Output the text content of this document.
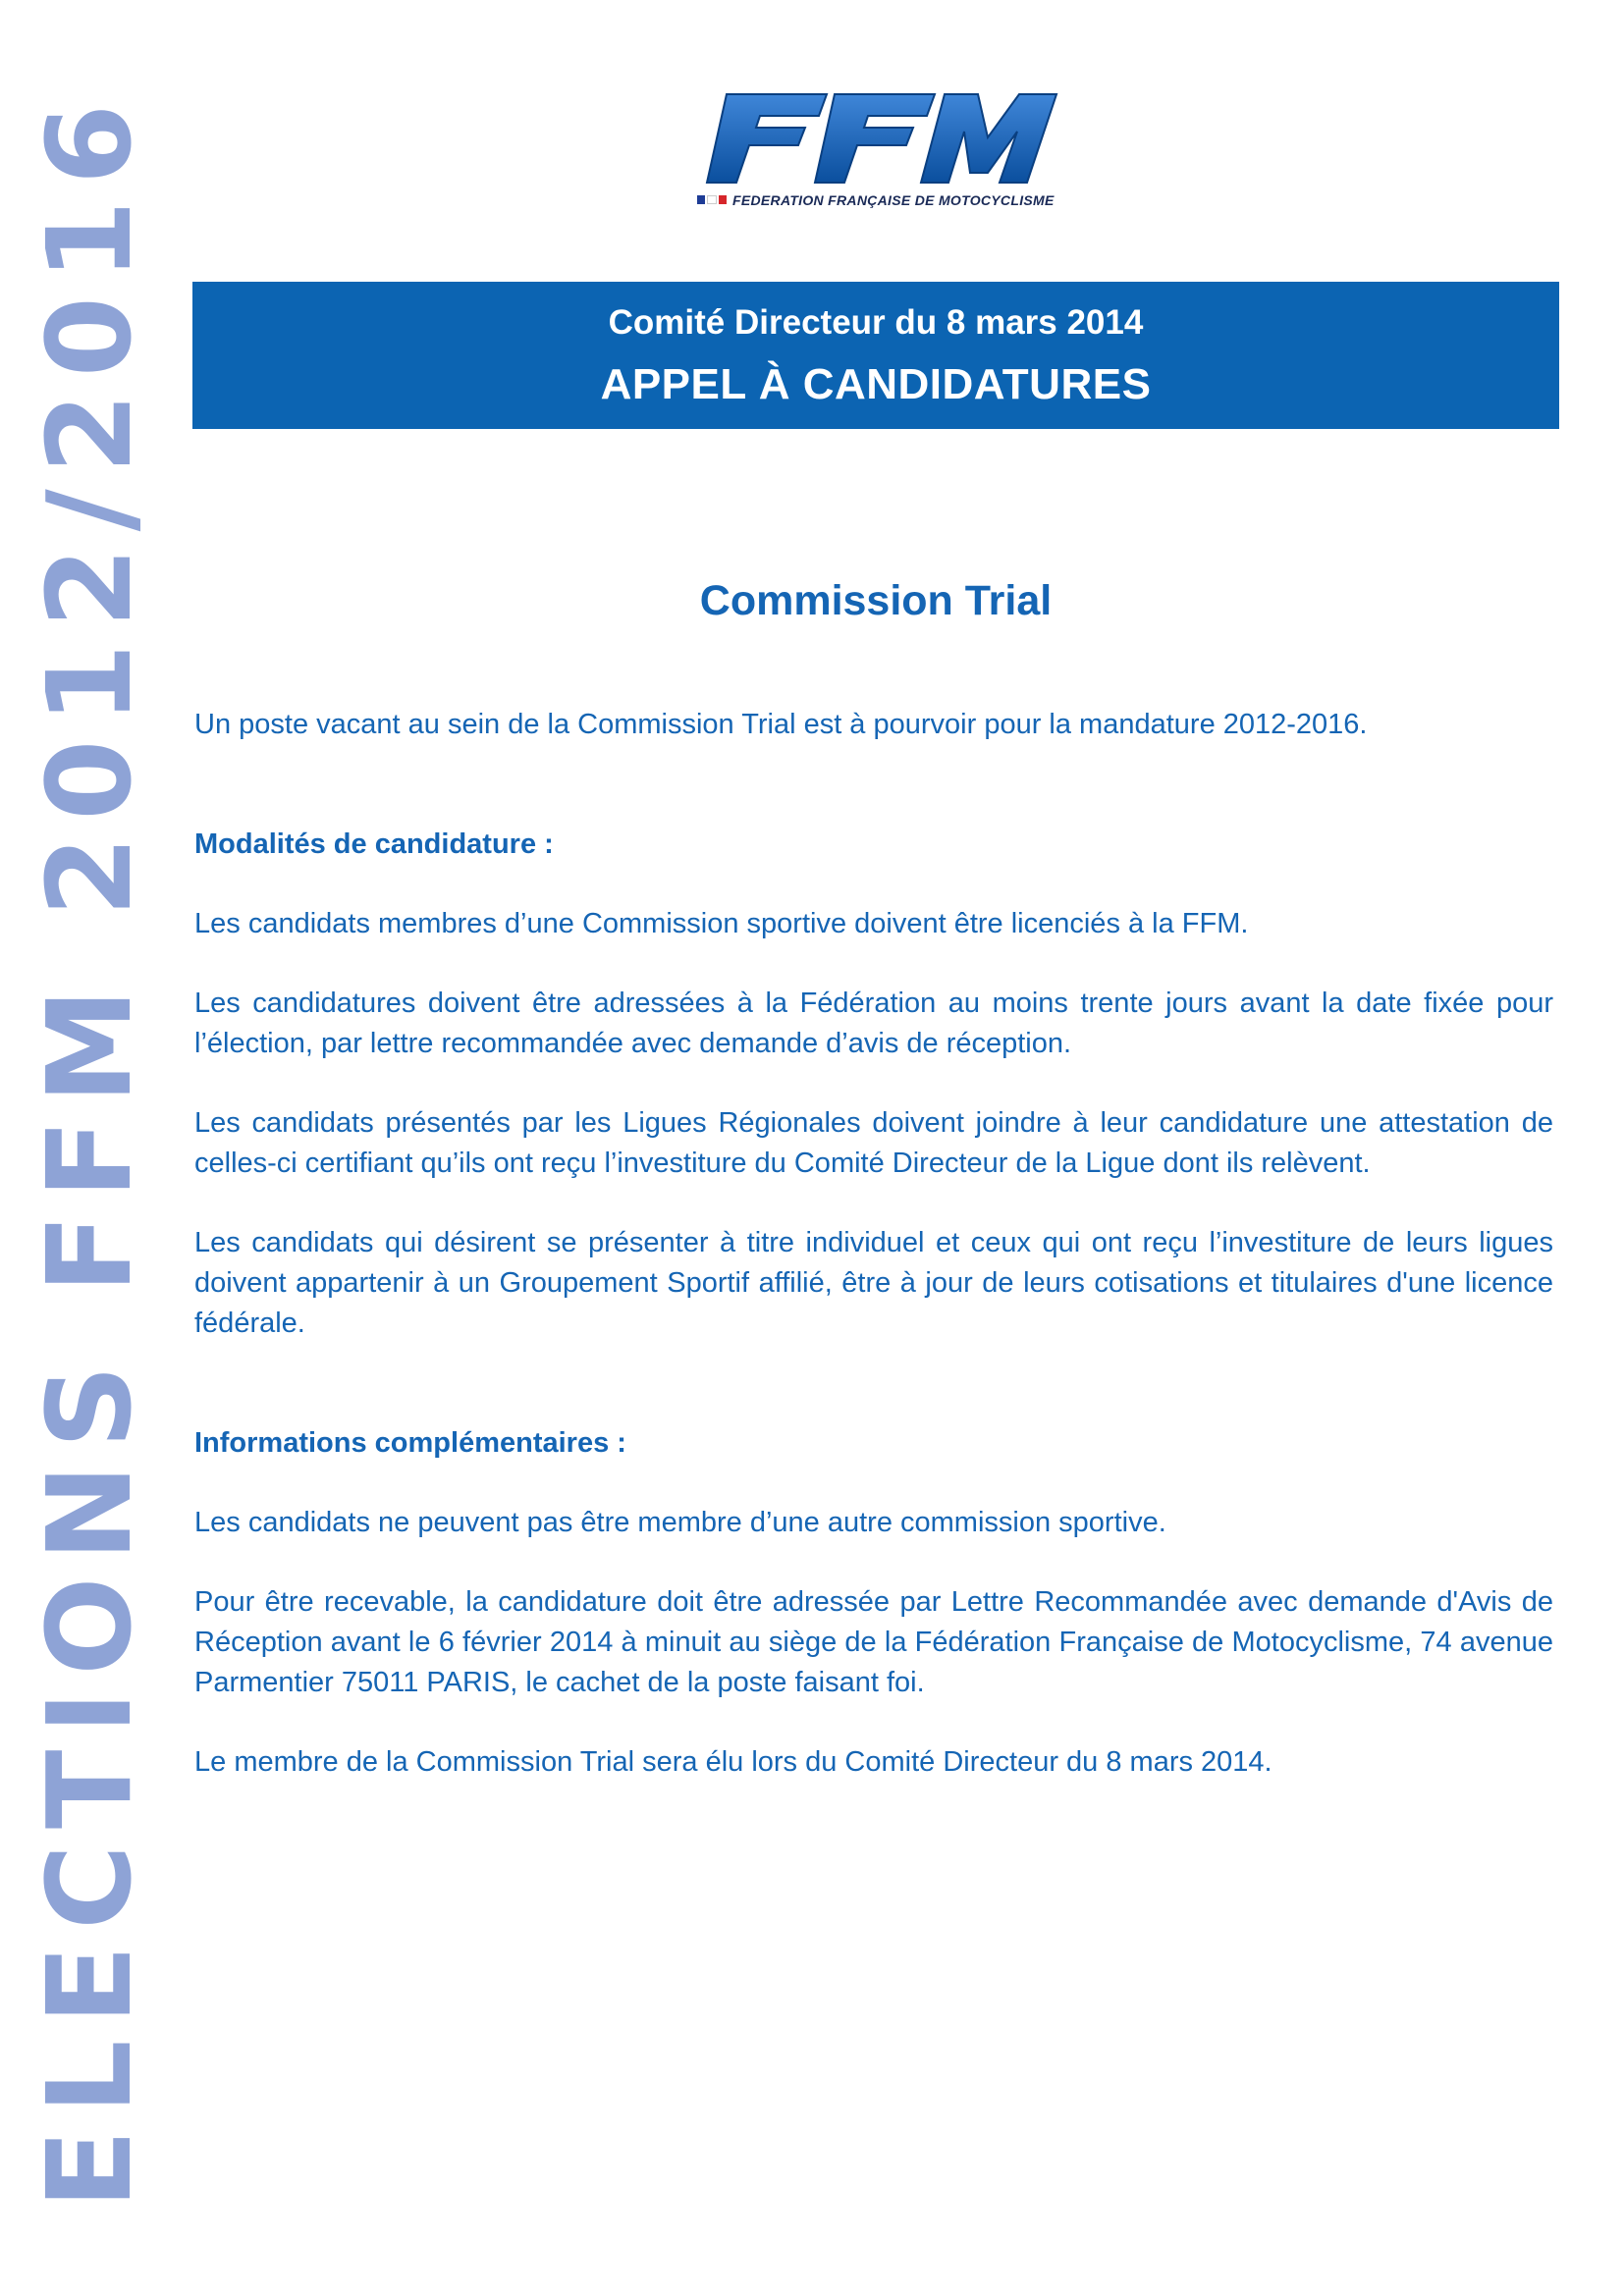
ELECTIONS FFM 2012/2016	FEDERATION FRANÇAISE DE MOTOCYCLISME
Comité Directeur du 8 mars 2014
APPEL À CANDIDATURES
Commission Trial

Un poste vacant au sein de la Commission Trial est à pourvoir pour la mandature 2012-2016.

Modalités de candidature :

Les candidats membres d’une Commission sportive doivent être licenciés à la FFM.

Les candidatures doivent être adressées à la Fédération au moins trente jours avant la date fixée pour l’élection, par lettre recommandée avec demande d’avis de réception.

Les candidats présentés par les Ligues Régionales doivent joindre à leur candidature une attestation de celles-ci certifiant qu’ils ont reçu l’investiture du Comité Directeur de la Ligue dont ils relèvent.

Les candidats qui désirent se présenter à titre individuel et ceux qui ont reçu l’investiture de leurs ligues doivent appartenir à un Groupement Sportif affilié, être à jour de leurs cotisations et titulaires d'une licence fédérale.

Informations complémentaires :

Les candidats ne peuvent pas être membre d’une autre commission sportive.

Pour être recevable, la candidature doit être adressée par Lettre Recommandée avec demande d'Avis de Réception avant le 6 février 2014 à minuit au siège de la Fédération Française de Motocyclisme, 74 avenue Parmentier 75011 PARIS, le cachet de la poste faisant foi.

Le membre de la Commission Trial sera élu lors du Comité Directeur du 8 mars 2014.
